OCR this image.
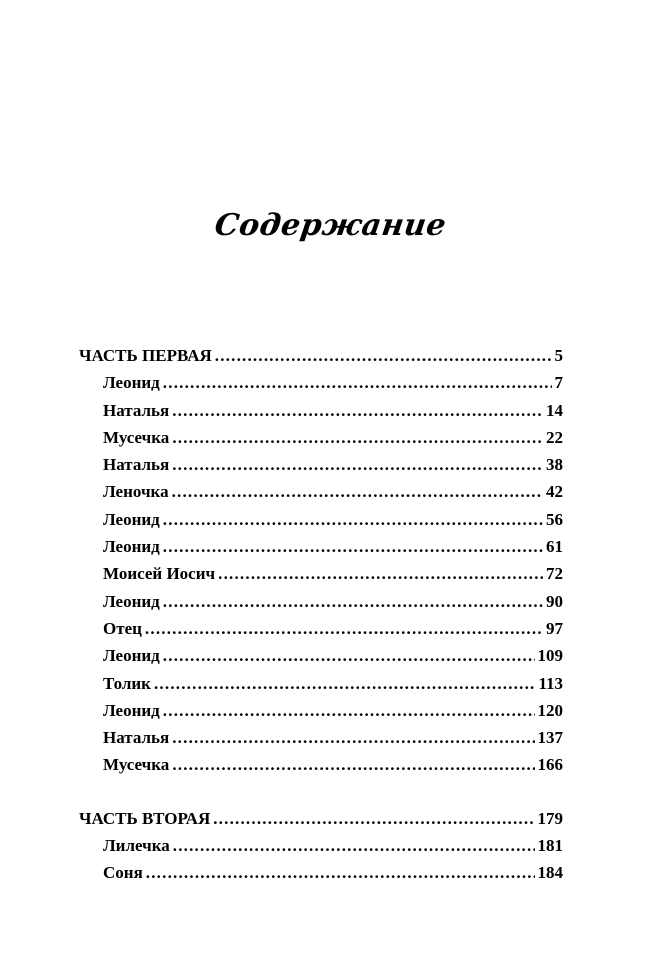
Содержание
ЧАСТЬ ПЕРВАЯ .....	5
Леонид .....	7
Наталья .....	14
Мусечка .....	22
Наталья .....	38
Леночка .....	42
Леонид .....	56
Леонид .....	61
Моисей Иосич .....	72
Леонид .....	90
Отец .....	97
Леонид .....	109
Толик .....	113
Леонид .....	120
Наталья .....	137
Мусечка .....	166
ЧАСТЬ ВТОРАЯ .....	179
Лилечка .....	181
Соня .....	184
